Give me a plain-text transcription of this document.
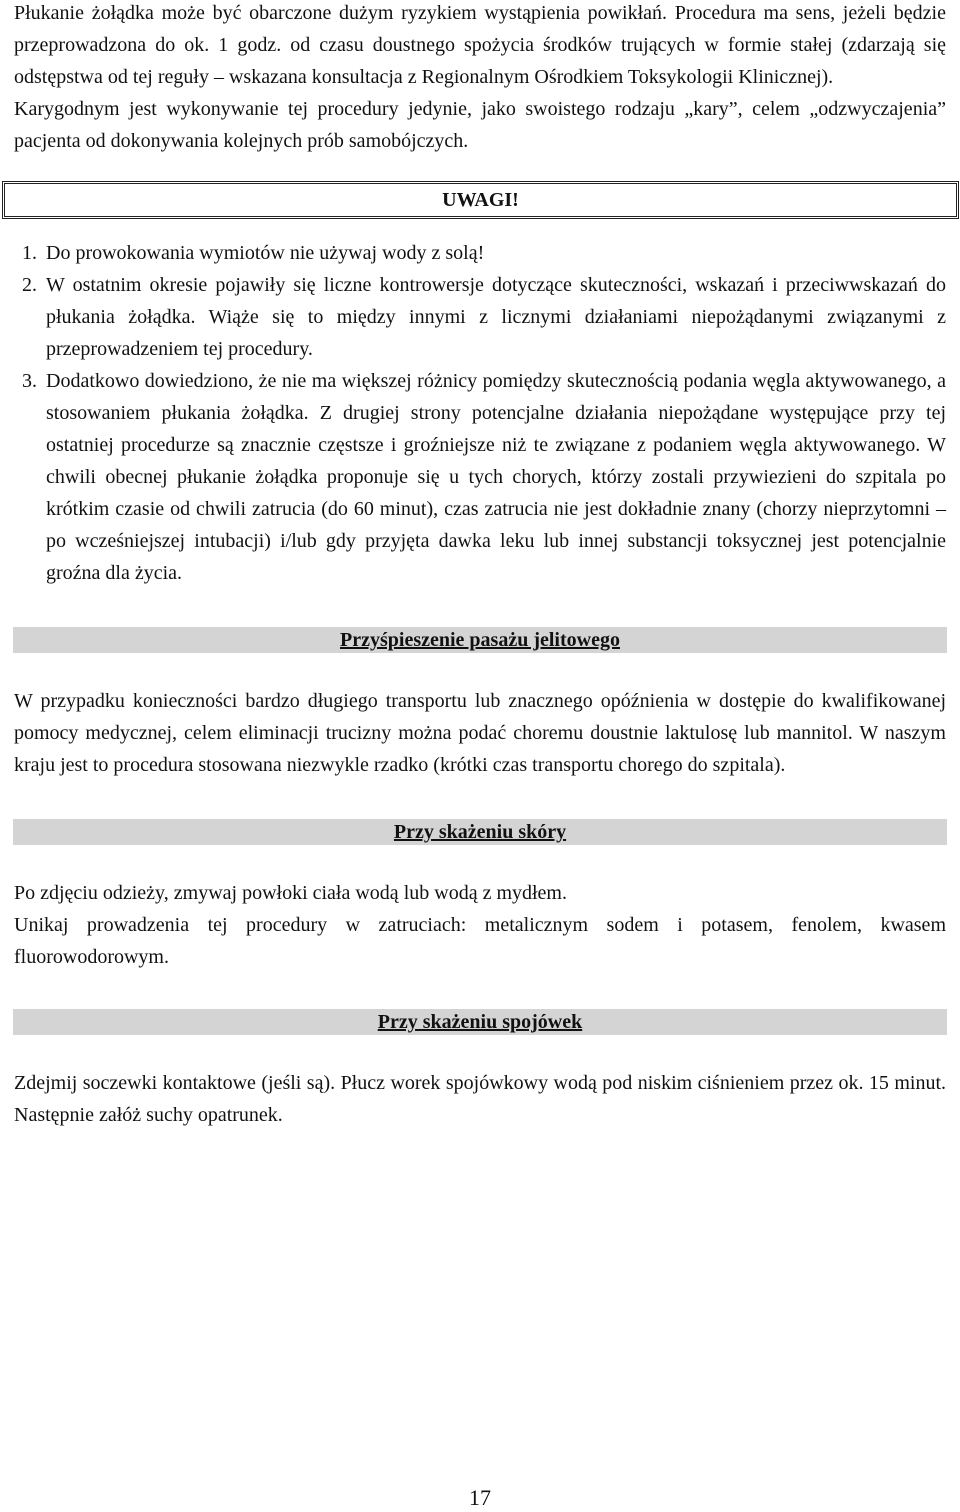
Płukanie żołądka może być obarczone dużym ryzykiem wystąpienia powikłań. Procedura ma sens, jeżeli będzie przeprowadzona do ok. 1 godz. od czasu doustnego spożycia środków trujących w formie stałej (zdarzają się odstępstwa od tej reguły – wskazana konsultacja z Regionalnym Ośrodkiem Toksykologii Klinicznej).

Karygodnym jest wykonywanie tej procedury jedynie, jako swoistego rodzaju „kary”, celem „odzwyczajenia” pacjenta od dokonywania kolejnych prób samobójczych.

UWAGI!
1. Do prowokowania wymiotów nie używaj wody z solą!
2. W ostatnim okresie pojawiły się liczne kontrowersje dotyczące skuteczności, wskazań i przeciwwskazań do płukania żołądka. Wiąże się to między innymi z licznymi działaniami niepożądanymi związanymi z przeprowadzeniem tej procedury.
3. Dodatkowo dowiedziono, że nie ma większej różnicy pomiędzy skutecznością podania węgla aktywowanego, a stosowaniem płukania żołądka. Z drugiej strony potencjalne działania niepożądane występujące przy tej ostatniej procedurze są znacznie częstsze i groźniejsze niż te związane z podaniem węgla aktywowanego. W chwili obecnej płukanie żołądka proponuje się u tych chorych, którzy zostali przywiezieni do szpitala po krótkim czasie od chwili zatrucia (do 60 minut), czas zatrucia nie jest dokładnie znany (chorzy nieprzytomni – po wcześniejszej intubacji) i/lub gdy przyjęta dawka leku lub innej substancji toksycznej jest potencjalnie groźna dla życia.
Przyśpieszenie pasażu jelitowego

W przypadku konieczności bardzo długiego transportu lub znacznego opóźnienia w dostępie do kwalifikowanej pomocy medycznej, celem eliminacji trucizny można podać choremu doustnie laktulosę lub mannitol. W naszym kraju jest to procedura stosowana niezwykle rzadko (krótki czas transportu chorego do szpitala).

Przy skażeniu skóry

Po zdjęciu odzieży, zmywaj powłoki ciała wodą lub wodą z mydłem.

Unikaj prowadzenia tej procedury w zatruciach: metalicznym sodem i potasem, fenolem, kwasem fluorowodorowym.

Przy skażeniu spojówek

Zdejmij soczewki kontaktowe (jeśli są). Płucz worek spojówkowy wodą pod niskim ciśnieniem przez ok. 15 minut. Następnie załóż suchy opatrunek.

17
